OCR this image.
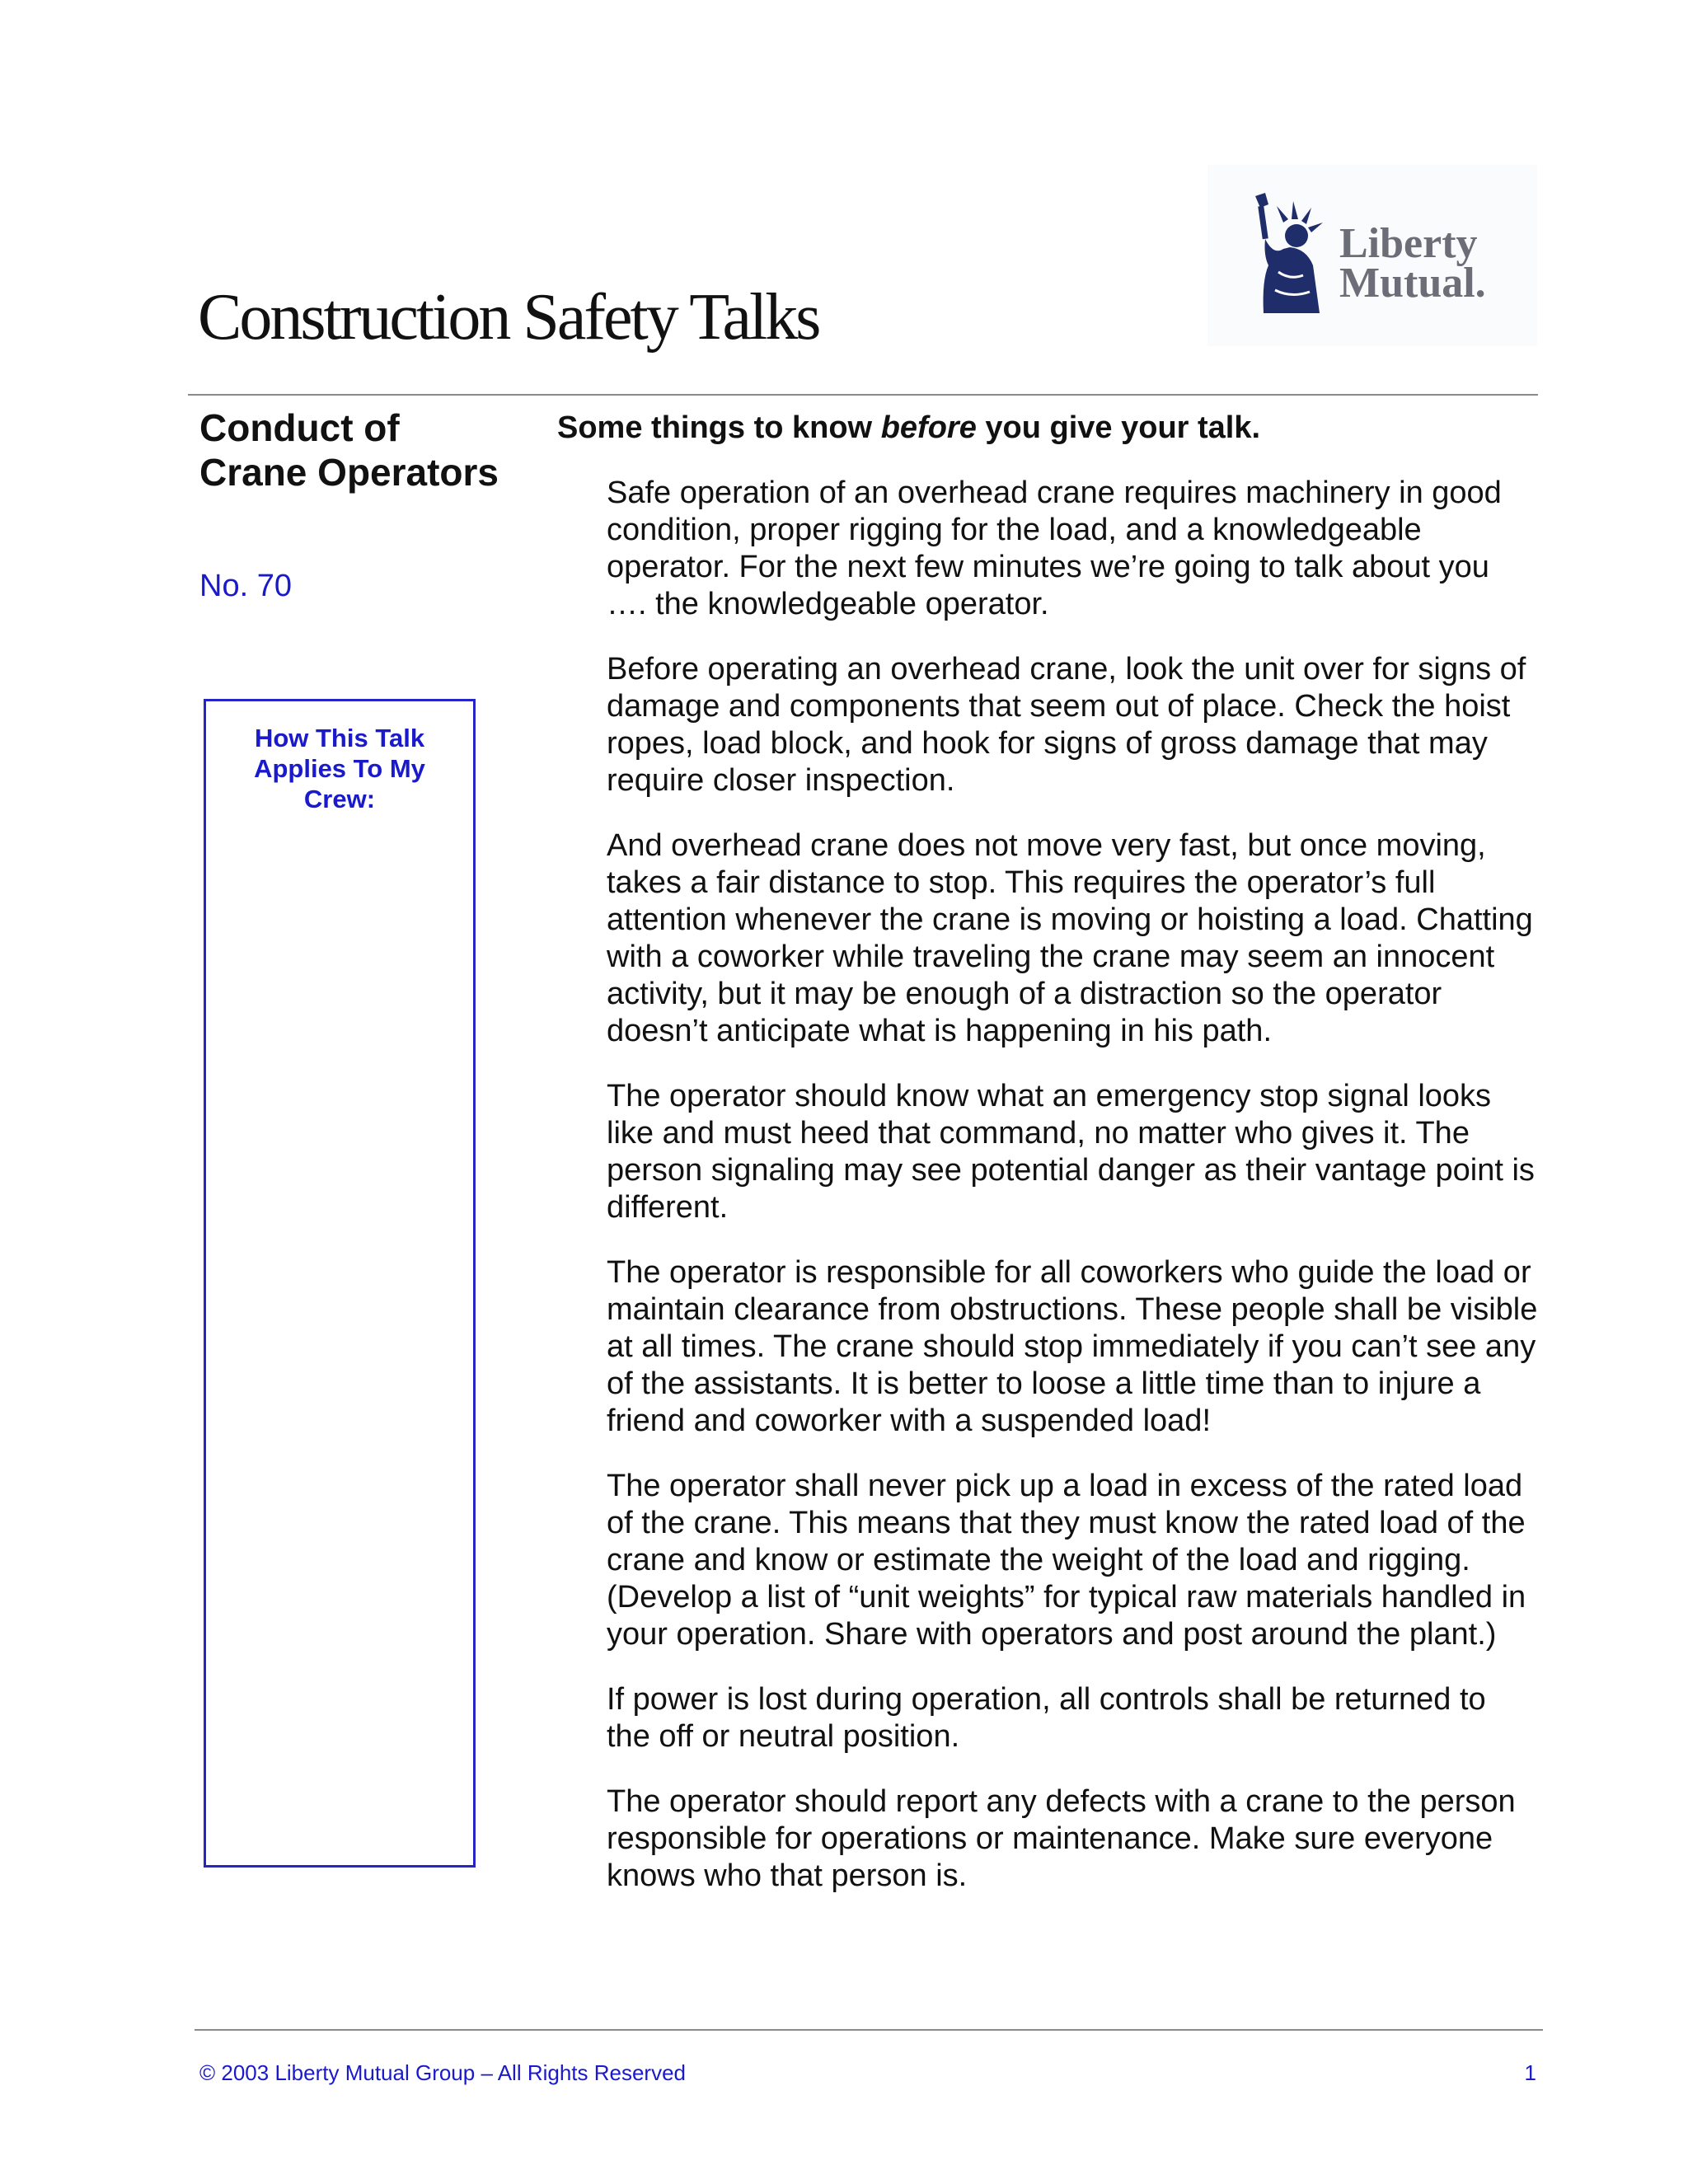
Construction Safety Talks
Liberty
Mutual.
Conduct of Crane Operators
No. 70
How This Talk Applies To My Crew:
Some things to know before you give your talk.

Safe operation of an overhead crane requires machinery in good condition, proper rigging for the load, and a knowledgeable operator. For the next few minutes we’re going to talk about you …. the knowledgeable operator.

Before operating an overhead crane, look the unit over for signs of damage and components that seem out of place. Check the hoist ropes, load block, and hook for signs of gross damage that may require closer inspection.

And overhead crane does not move very fast, but once moving, takes a fair distance to stop. This requires the operator’s full attention whenever the crane is moving or hoisting a load. Chatting with a coworker while traveling the crane may seem an innocent activity, but it may be enough of a distraction so the operator doesn’t anticipate what is happening in his path.

The operator should know what an emergency stop signal looks like and must heed that command, no matter who gives it. The person signaling may see potential danger as their vantage point is different.

The operator is responsible for all coworkers who guide the load or maintain clearance from obstructions. These people shall be visible at all times. The crane should stop immediately if you can’t see any of the assistants. It is better to loose a little time than to injure a friend and coworker with a suspended load!

The operator shall never pick up a load in excess of the rated load of the crane. This means that they must know the rated load of the crane and know or estimate the weight of the load and rigging. (Develop a list of “unit weights” for typical raw materials handled in your operation. Share with operators and post around the plant.)

If power is lost during operation, all controls shall be returned to the off or neutral position.

The operator should report any defects with a crane to the person responsible for operations or maintenance. Make sure everyone knows who that person is.

© 2003 Liberty Mutual Group – All Rights Reserved	1
